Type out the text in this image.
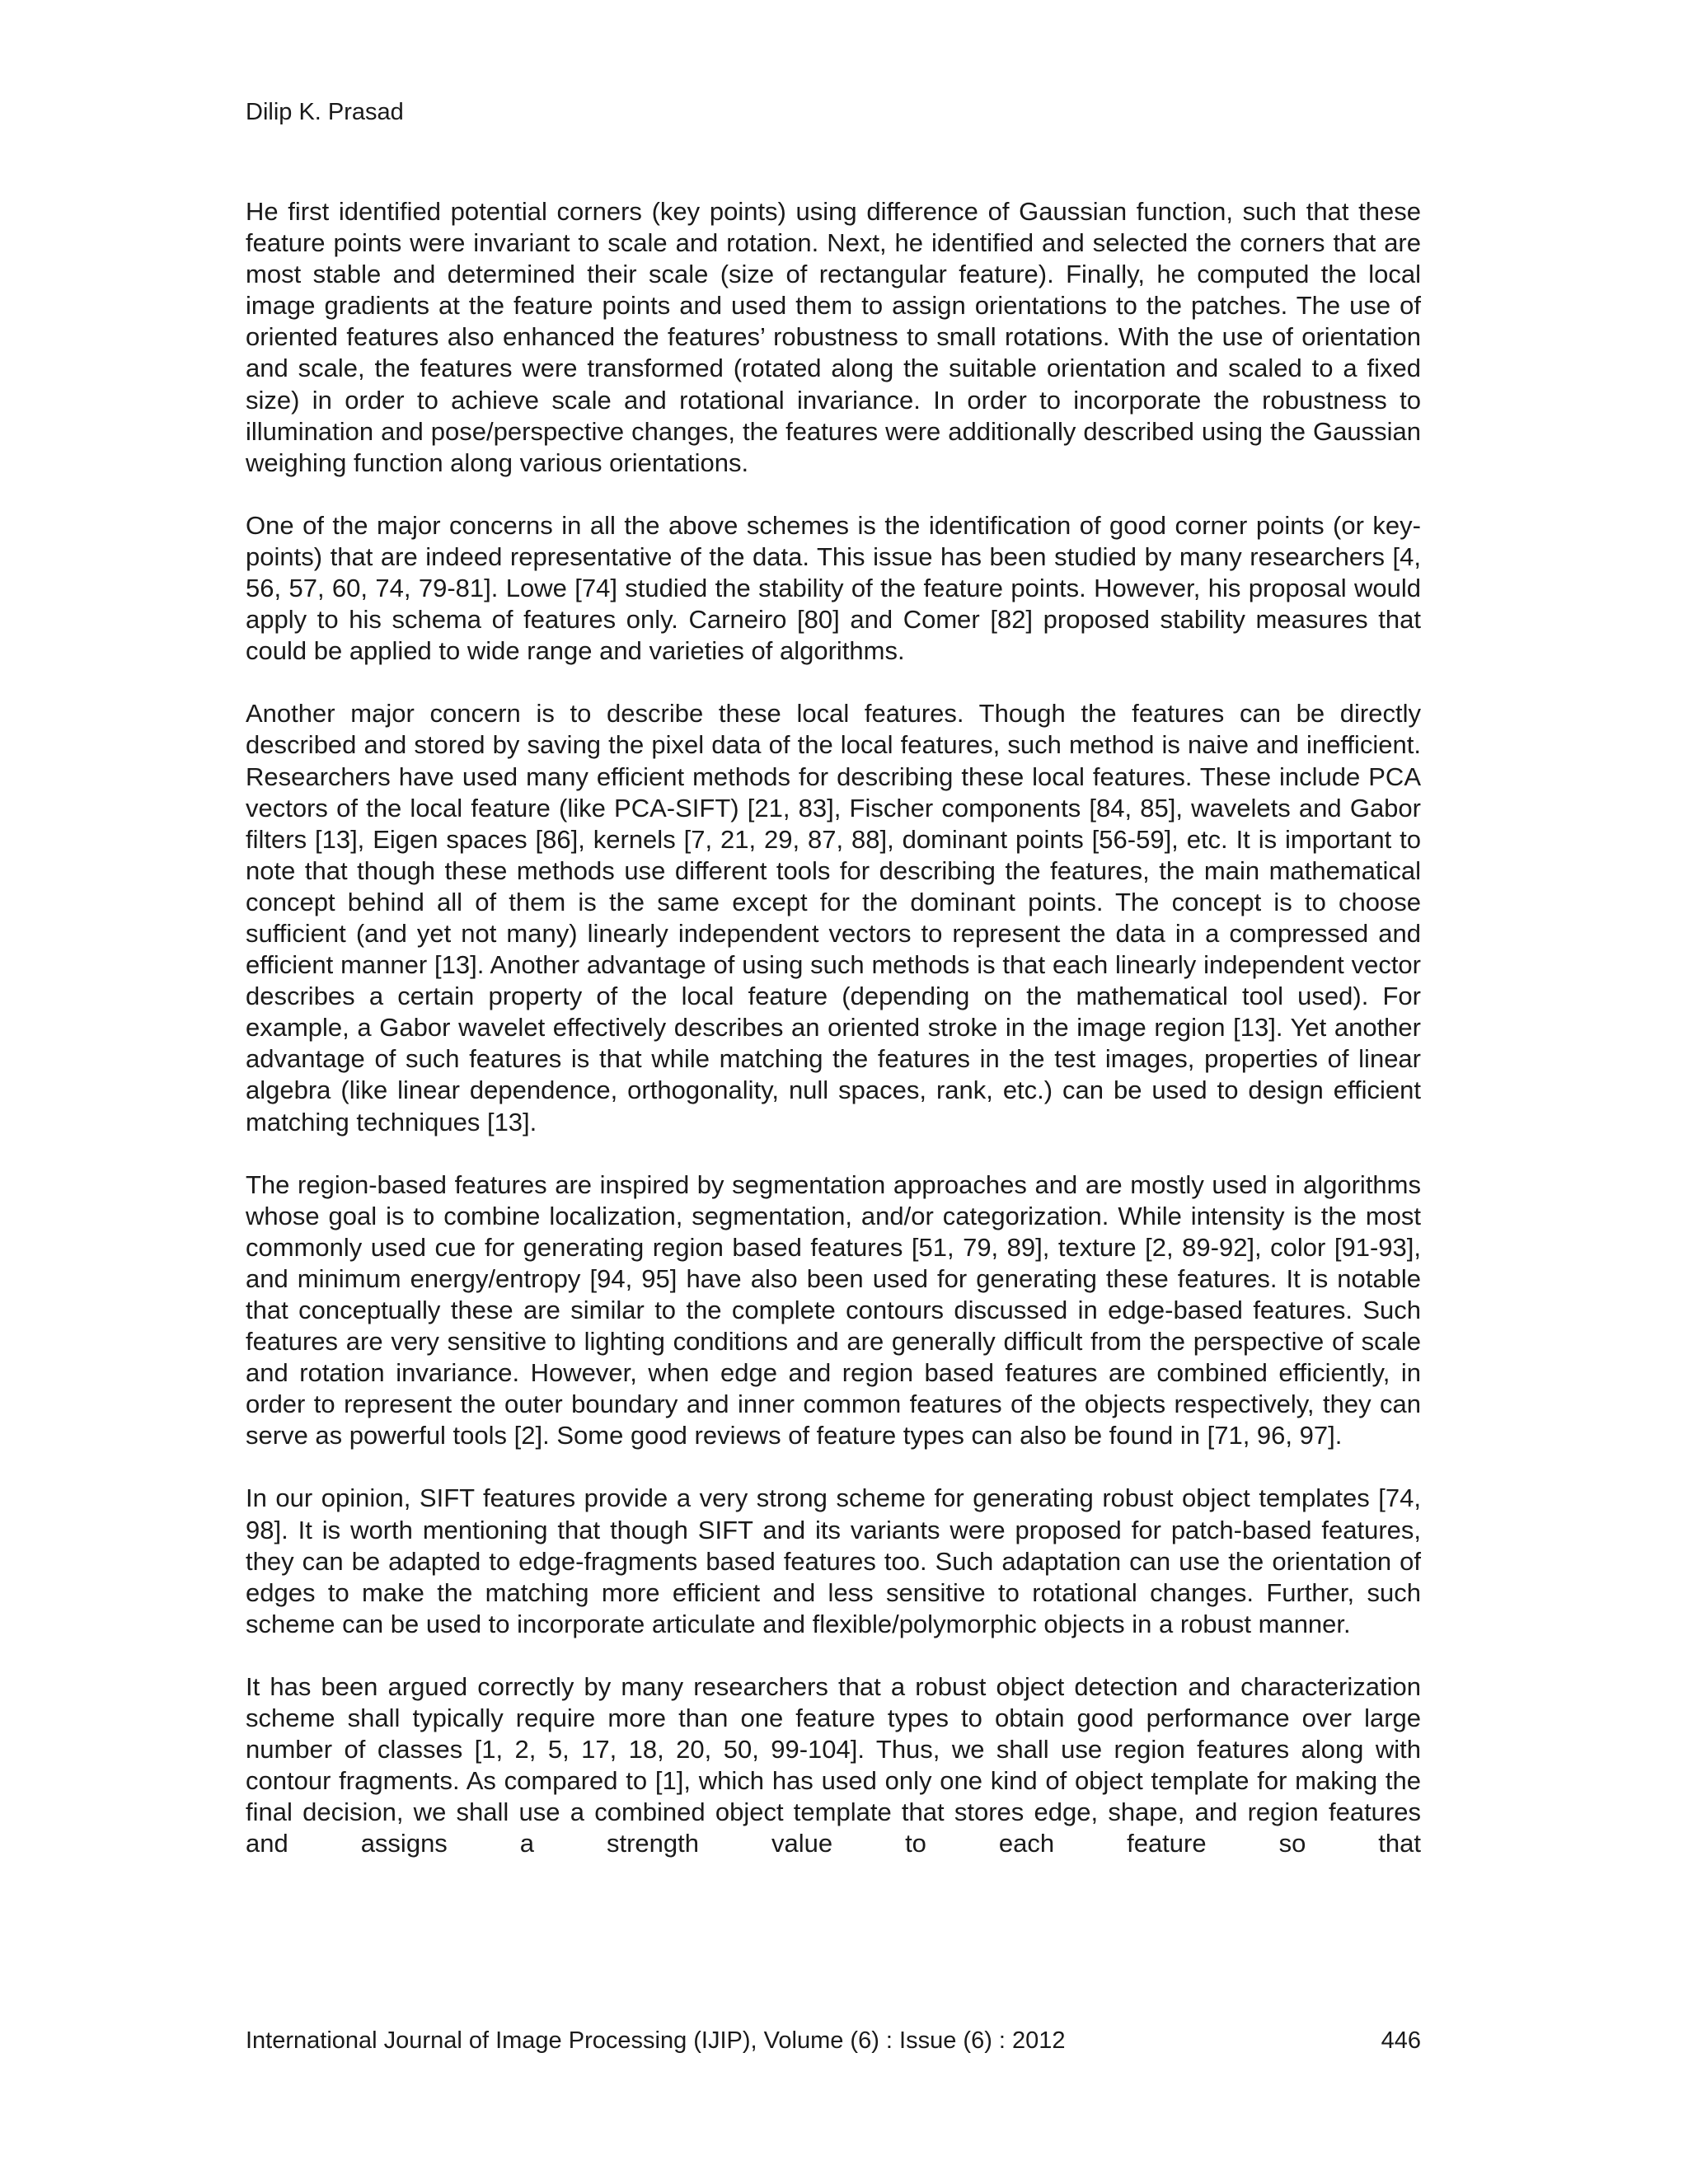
Dilip K. Prasad

He first identified potential corners (key points) using difference of Gaussian function, such that these feature points were invariant to scale and rotation. Next, he identified and selected the corners that are most stable and determined their scale (size of rectangular feature). Finally, he computed the local image gradients at the feature points and used them to assign orientations to the patches. The use of oriented features also enhanced the features’ robustness to small rotations. With the use of orientation and scale, the features were transformed (rotated along the suitable orientation and scaled to a fixed size) in order to achieve scale and rotational invariance. In order to incorporate the robustness to illumination and pose/perspective changes, the features were additionally described using the Gaussian weighing function along various orientations.

One of the major concerns in all the above schemes is the identification of good corner points (or key-points) that are indeed representative of the data. This issue has been studied by many researchers [4, 56, 57, 60, 74, 79-81]. Lowe [74] studied the stability of the feature points. However, his proposal would apply to his schema of features only. Carneiro [80] and Comer [82] proposed stability measures that could be applied to wide range and varieties of algorithms.

Another major concern is to describe these local features. Though the features can be directly described and stored by saving the pixel data of the local features, such method is naive and inefficient. Researchers have used many efficient methods for describing these local features. These include PCA vectors of the local feature (like PCA-SIFT) [21, 83], Fischer components [84, 85], wavelets and Gabor filters [13], Eigen spaces [86], kernels [7, 21, 29, 87, 88], dominant points [56-59], etc. It is important to note that though these methods use different tools for describing the features, the main mathematical concept behind all of them is the same except for the dominant points. The concept is to choose sufficient (and yet not many) linearly independent vectors to represent the data in a compressed and efficient manner [13]. Another advantage of using such methods is that each linearly independent vector describes a certain property of the local feature (depending on the mathematical tool used). For example, a Gabor wavelet effectively describes an oriented stroke in the image region [13]. Yet another advantage of such features is that while matching the features in the test images, properties of linear algebra (like linear dependence, orthogonality, null spaces, rank, etc.) can be used to design efficient matching techniques [13].

The region-based features are inspired by segmentation approaches and are mostly used in algorithms whose goal is to combine localization, segmentation, and/or categorization. While intensity is the most commonly used cue for generating region based features [51, 79, 89], texture [2, 89-92], color [91-93], and minimum energy/entropy [94, 95] have also been used for generating these features. It is notable that conceptually these are similar to the complete contours discussed in edge-based features. Such features are very sensitive to lighting conditions and are generally difficult from the perspective of scale and rotation invariance. However, when edge and region based features are combined efficiently, in order to represent the outer boundary and inner common features of the objects respectively, they can serve as powerful tools [2]. Some good reviews of feature types can also be found in [71, 96, 97].

In our opinion, SIFT features provide a very strong scheme for generating robust object templates [74, 98]. It is worth mentioning that though SIFT and its variants were proposed for patch-based features, they can be adapted to edge-fragments based features too. Such adaptation can use the orientation of edges to make the matching more efficient and less sensitive to rotational changes. Further, such scheme can be used to incorporate articulate and flexible/polymorphic objects in a robust manner.

It has been argued correctly by many researchers that a robust object detection and characterization scheme shall typically require more than one feature types to obtain good performance over large number of classes [1, 2, 5, 17, 18, 20, 50, 99-104]. Thus, we shall use region features along with contour fragments. As compared to [1], which has used only one kind of object template for making the final decision, we shall use a combined object template that stores edge, shape, and region features and assigns a strength value to each feature so that

International Journal of Image Processing (IJIP), Volume (6) : Issue (6) : 2012	446
